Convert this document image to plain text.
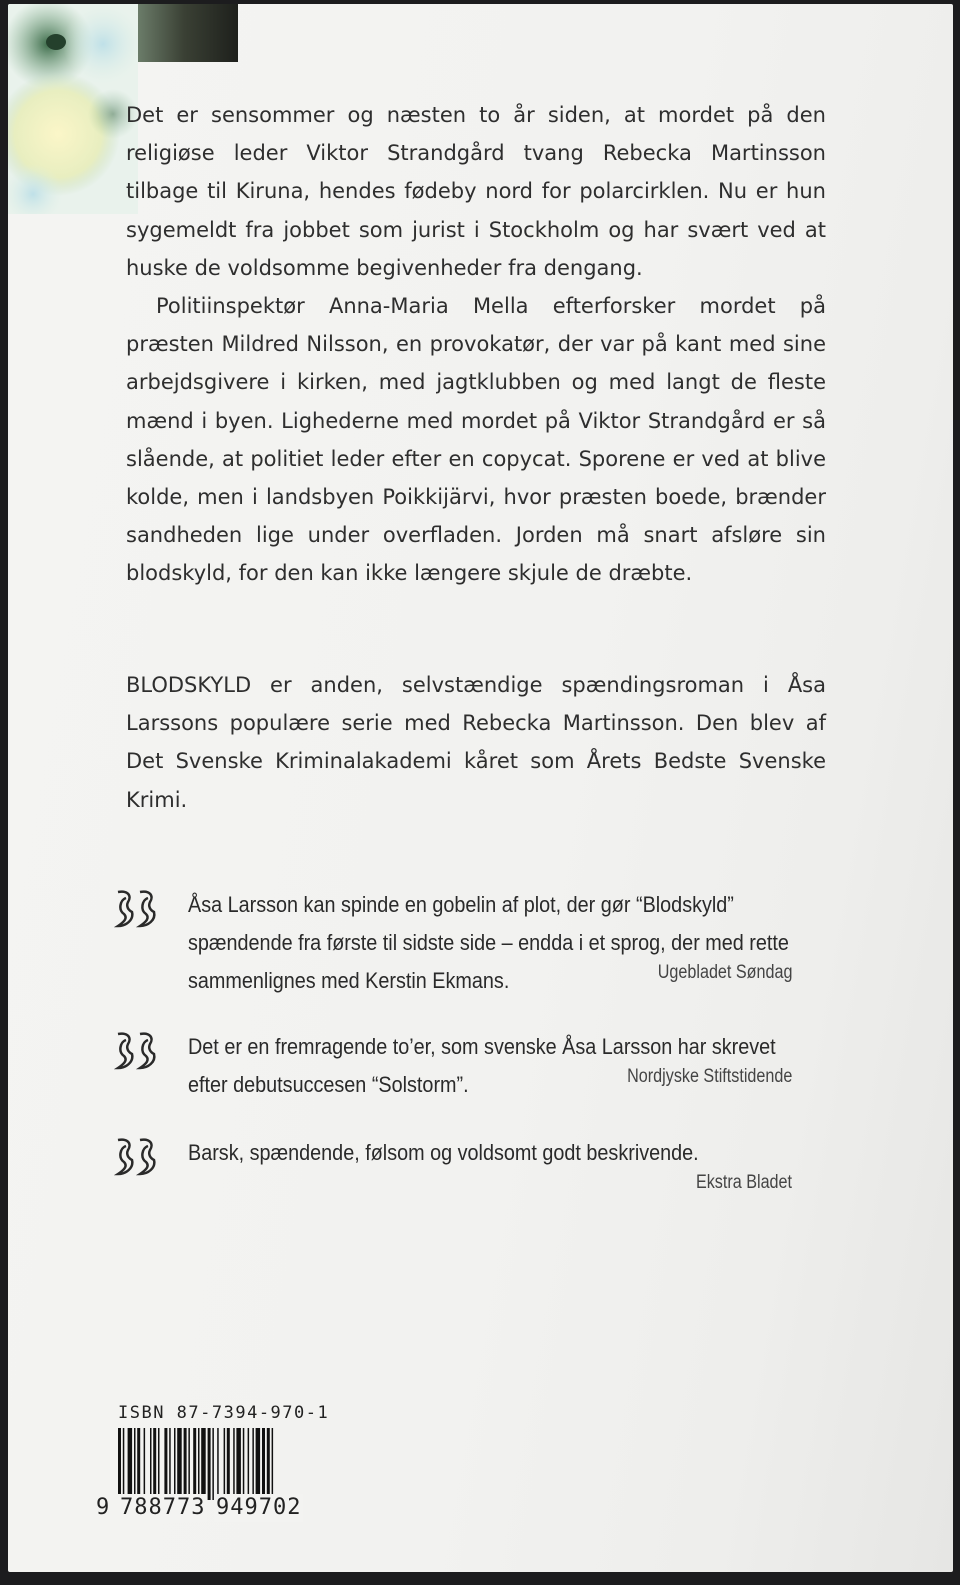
Det er sensommer og næsten to år siden, at mordet på den religiøse leder Viktor Strandgård tvang Rebecka Martinsson tilbage til Kiruna, hendes fødeby nord for polarcirklen. Nu er hun sygemeldt fra jobbet som jurist i Stockholm og har svært ved at huske de voldsomme begivenheder fra dengang.

Politiinspektør Anna-Maria Mella efterforsker mordet på præsten Mildred Nilsson, en provokatør, der var på kant med sine arbejdsgivere i kirken, med jagtklubben og med langt de fleste mænd i byen. Lighederne med mordet på Viktor Strandgård er så slående, at politiet leder efter en copycat. Sporene er ved at blive kolde, men i landsbyen Poikkijärvi, hvor præsten boede, brænder sandheden lige under overfladen. Jorden må snart afsløre sin blodskyld, for den kan ikke længere skjule de dræbte.

BLODSKYLD er anden, selvstændige spændingsroman i Åsa Larssons populære serie med Rebecka Martinsson. Den blev af Det Svenske Kriminalakademi kåret som Årets Bedste Svenske Krimi.

Åsa Larsson kan spinde en gobelin af plot, der gør “Blodskyld” spændende fra første til sidste side – endda i et sprog, der med rette sammenlignes med Kerstin Ekmans.	Ugebladet Søndag
Det er en fremragende to’er, som svenske Åsa Larsson har skrevet efter debutsuccesen “Solstorm”.	Nordjyske Stiftstidende
Barsk, spændende, følsom og voldsomt godt beskrivende.
Ekstra Bladet
ISBN 87-7394-970-1
9 788773 949702
